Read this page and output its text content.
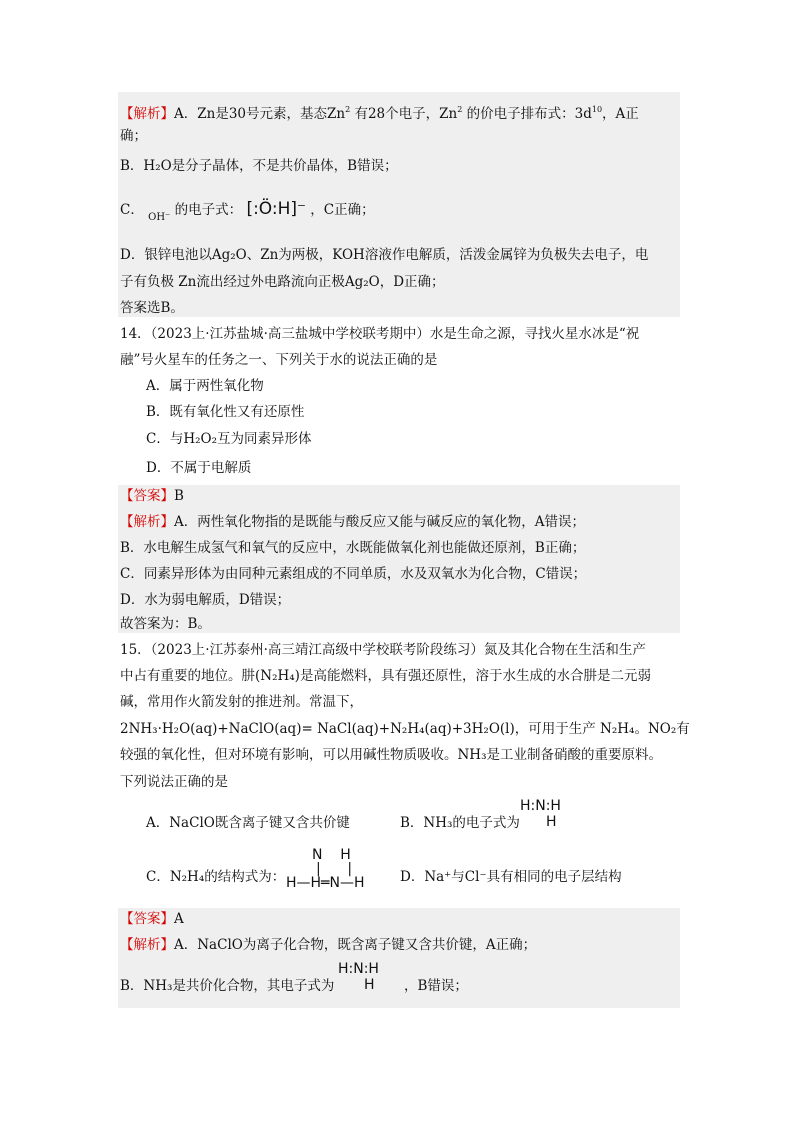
【解析】A．Zn是30号元素，基态Zn$^2$ 有28个电子，Zn$^2$ 的价电子排布式：$3d^{10}$，A正
确；
B．H₂O是分子晶体，不是共价晶体，B错误；
C． $_{OH^-}$ 的电子式： [:Ö:H]⁻ ，C正确；
D．银锌电池以Ag₂O、Zn为两极，KOH溶液作电解质，活泼金属锌为负极失去电子，电
子有负极 Zn流出经过外电路流向正极Ag₂O，D正确；
答案选B。
14．（2023上·江苏盐城·高三盐城中学校联考期中）水是生命之源，寻找火星水冰是“祝
融”号火星车的任务之一、下列关于水的说法正确的是
A．属于两性氧化物
B．既有氧化性又有还原性
C．与H₂O₂互为同素异形体
D．不属于电解质
【答案】B
【解析】A．两性氧化物指的是既能与酸反应又能与碱反应的氧化物，A错误；
B．水电解生成氢气和氧气的反应中，水既能做氧化剂也能做还原剂，B正确；
C．同素异形体为由同种元素组成的不同单质，水及双氧水为化合物，C错误；
D．水为弱电解质，D错误；
故答案为：B。
15．（2023上·江苏泰州·高三靖江高级中学校联考阶段练习）氮及其化合物在生活和生产
中占有重要的地位。肼(N₂H₄)是高能燃料，具有强还原性，溶于水生成的水合肼是二元弱
碱，常用作火箭发射的推进剂。常温下，
2NH₃·H₂O(aq)+NaClO(aq)= NaCl(aq)+N₂H₄(aq)+3H₂O(l)，可用于生产 N₂H₄。NO₂有
较强的氧化性，但对环境有影响，可以用碱性物质吸收。NH₃是工业制备硝酸的重要原料。
下列说法正确的是
A．NaClO既含离子键又含共价键	B．NH₃的电子式为
H:N:H
H
C．N₂H₄的结构式为：
N    H
|      |
H—H═N—H	D．Na⁺与Cl⁻具有相同的电子层结构
【答案】A
【解析】A．NaClO为离子化合物，既含离子键又含共价键，A正确；
B．NH₃是共价化合物，其电子式为
H:N:H
H	，B错误；
